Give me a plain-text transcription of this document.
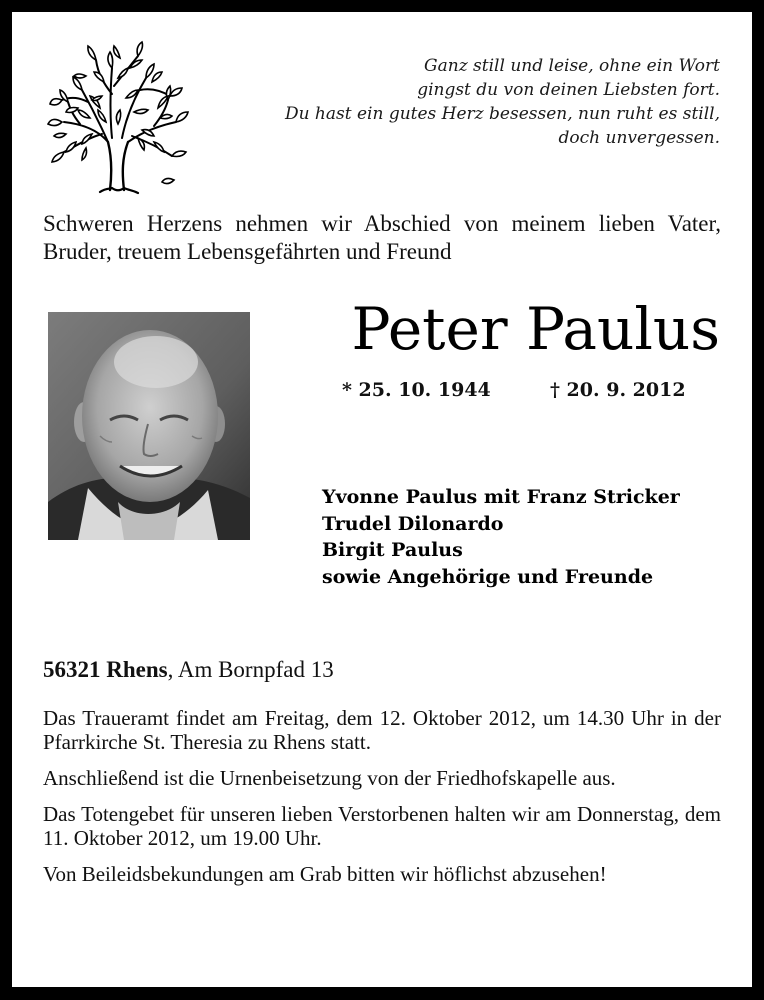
Ganz still und leise, ohne ein Wort
gingst du von deinen Liebsten fort.
Du hast ein gutes Herz besessen, nun ruht es still,
doch unvergessen.
Schweren Herzens nehmen wir Abschied von meinem lieben Vater, Bruder, treuem Lebensgefährten und Freund
Peter Paulus
* 25. 10. 1944	† 20. 9. 2012
Yvonne Paulus mit Franz Stricker
Trudel Dilonardo
Birgit Paulus
sowie Angehörige und Freunde
56321 Rhens, Am Bornpfad 13

Das Traueramt findet am Freitag, dem 12. Oktober 2012, um 14.30 Uhr in der Pfarrkirche St. Theresia zu Rhens statt.

Anschließend ist die Urnenbeisetzung von der Friedhofskapelle aus.

Das Totengebet für unseren lieben Verstorbenen halten wir am Donnerstag, dem 11. Oktober 2012, um 19.00 Uhr.

Von Beileidsbekundungen am Grab bitten wir höflichst abzusehen!
